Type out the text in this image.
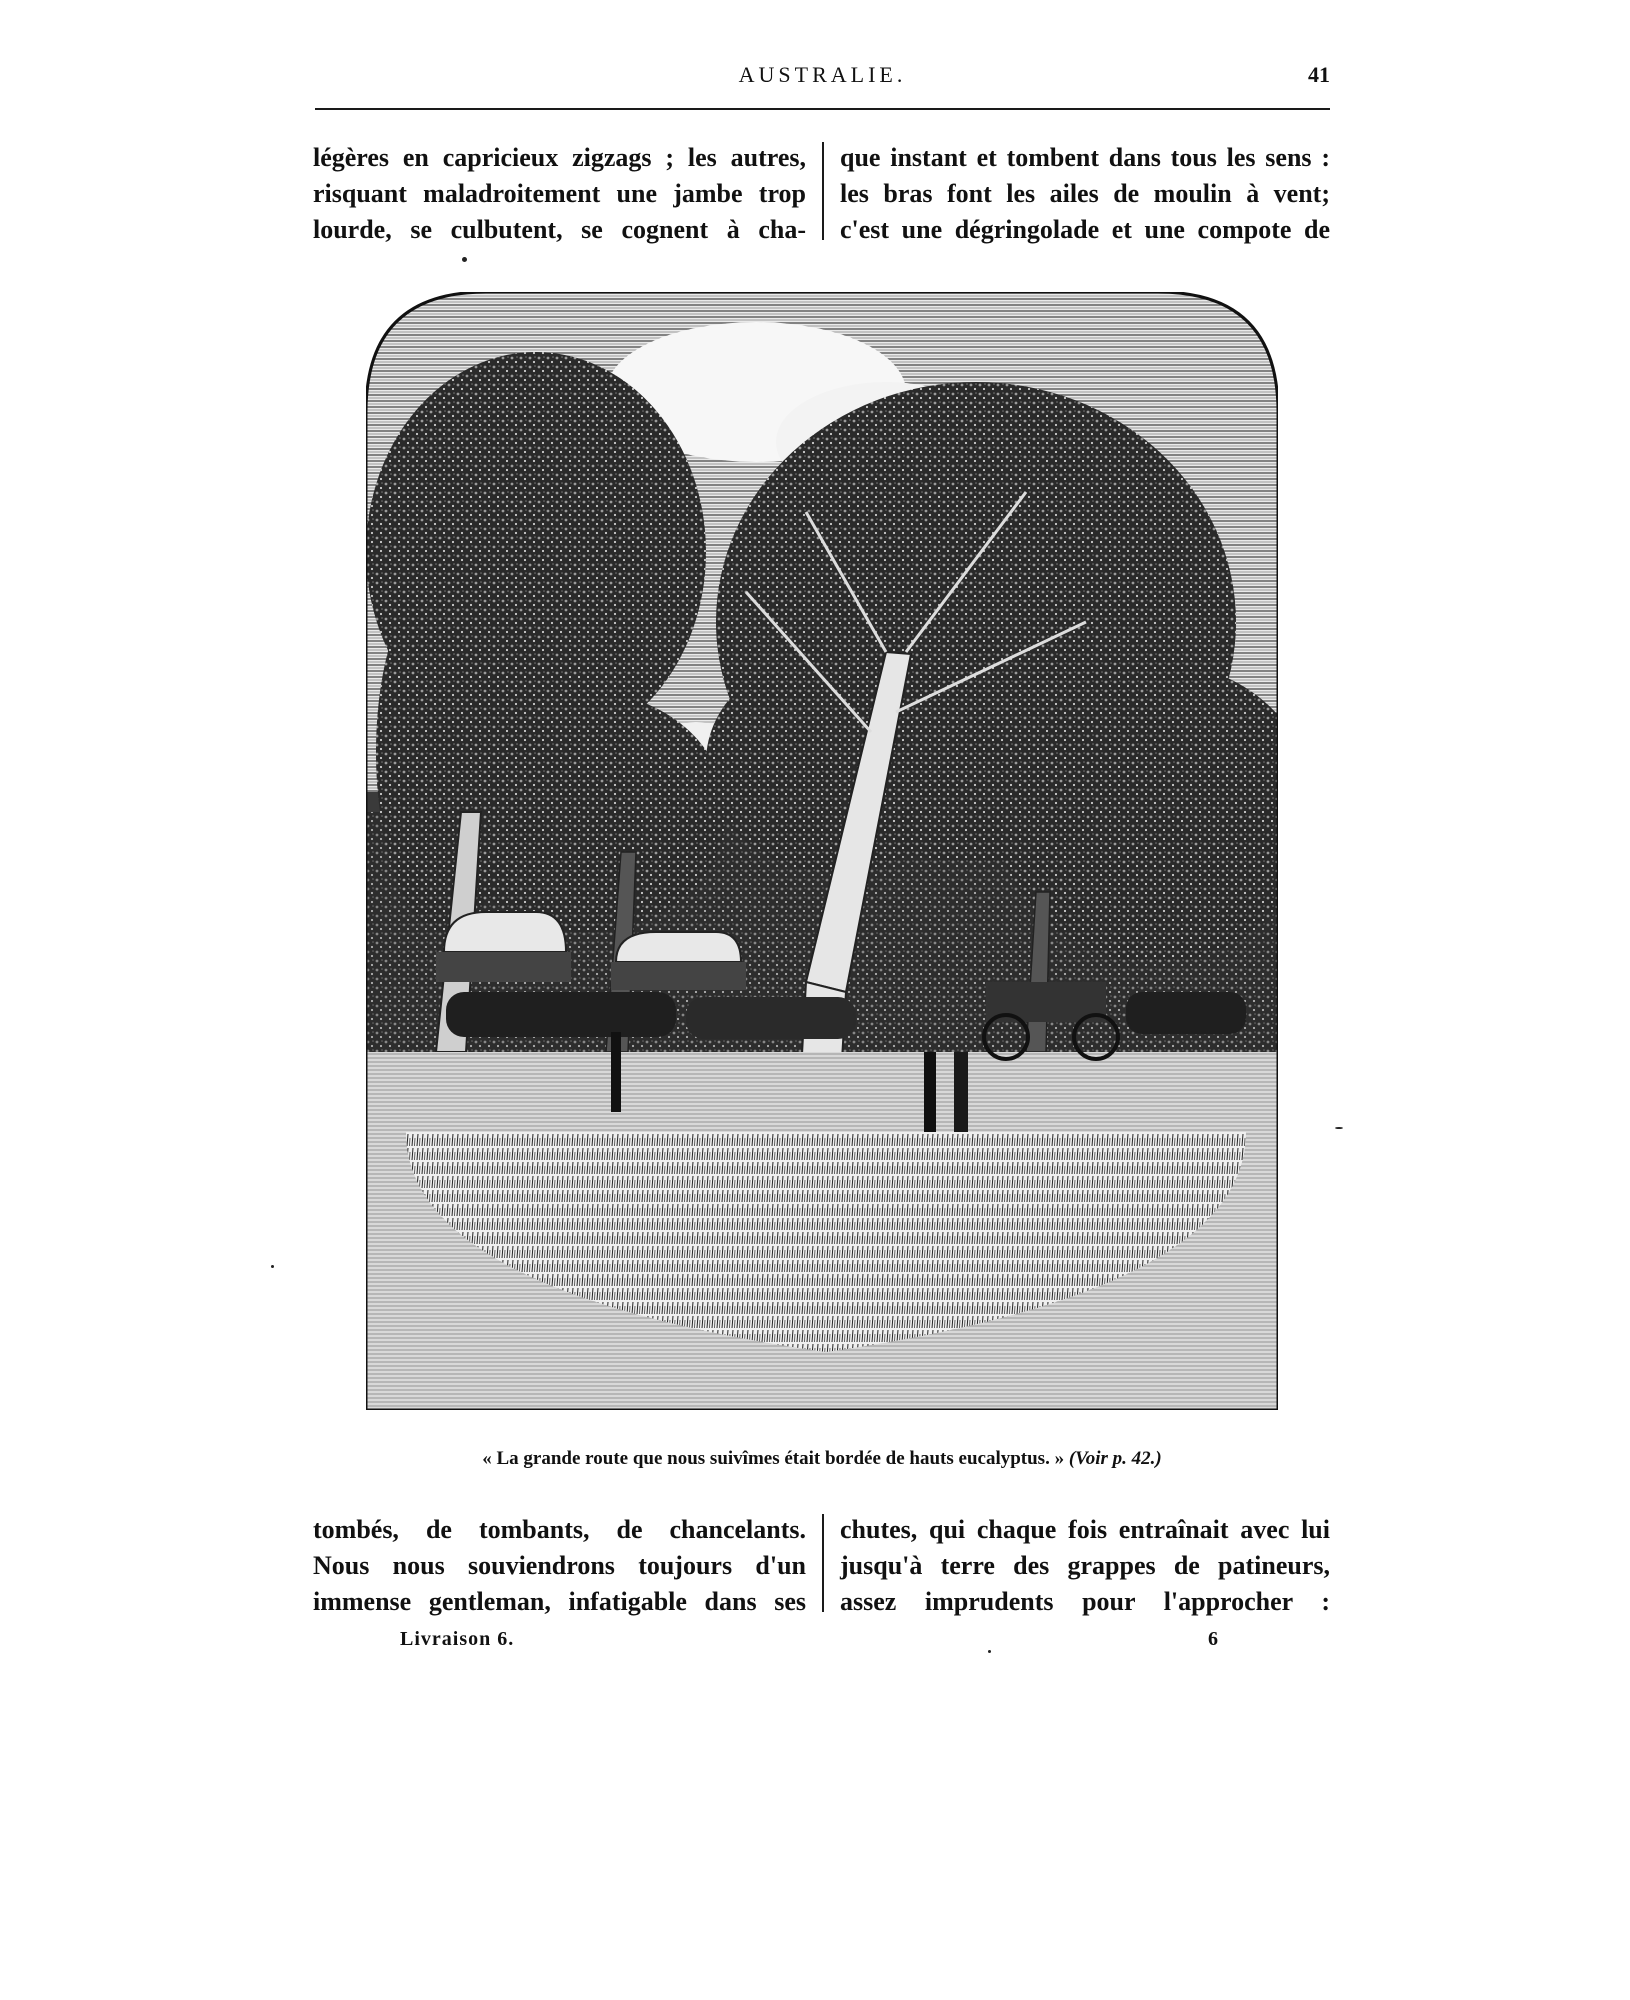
AUSTRALIE.	41
légères en capricieux zigzags ; les autres,
risquant maladroitement une jambe trop
lourde, se culbutent, se cognent à cha-
que instant et tombent dans tous les sens :
les bras font les ailes de moulin à vent;
c'est une dégringolade et une compote de
« La grande route que nous suivîmes était bordée de hauts eucalyptus. » (Voir p. 42.)
tombés, de tombants, de chancelants.
Nous nous souviendrons toujours d'un
immense gentleman, infatigable dans ses
chutes, qui chaque fois entraînait avec lui
jusqu'à terre des grappes de patineurs,
assez imprudents pour l'approcher :
Livraison 6.	6
